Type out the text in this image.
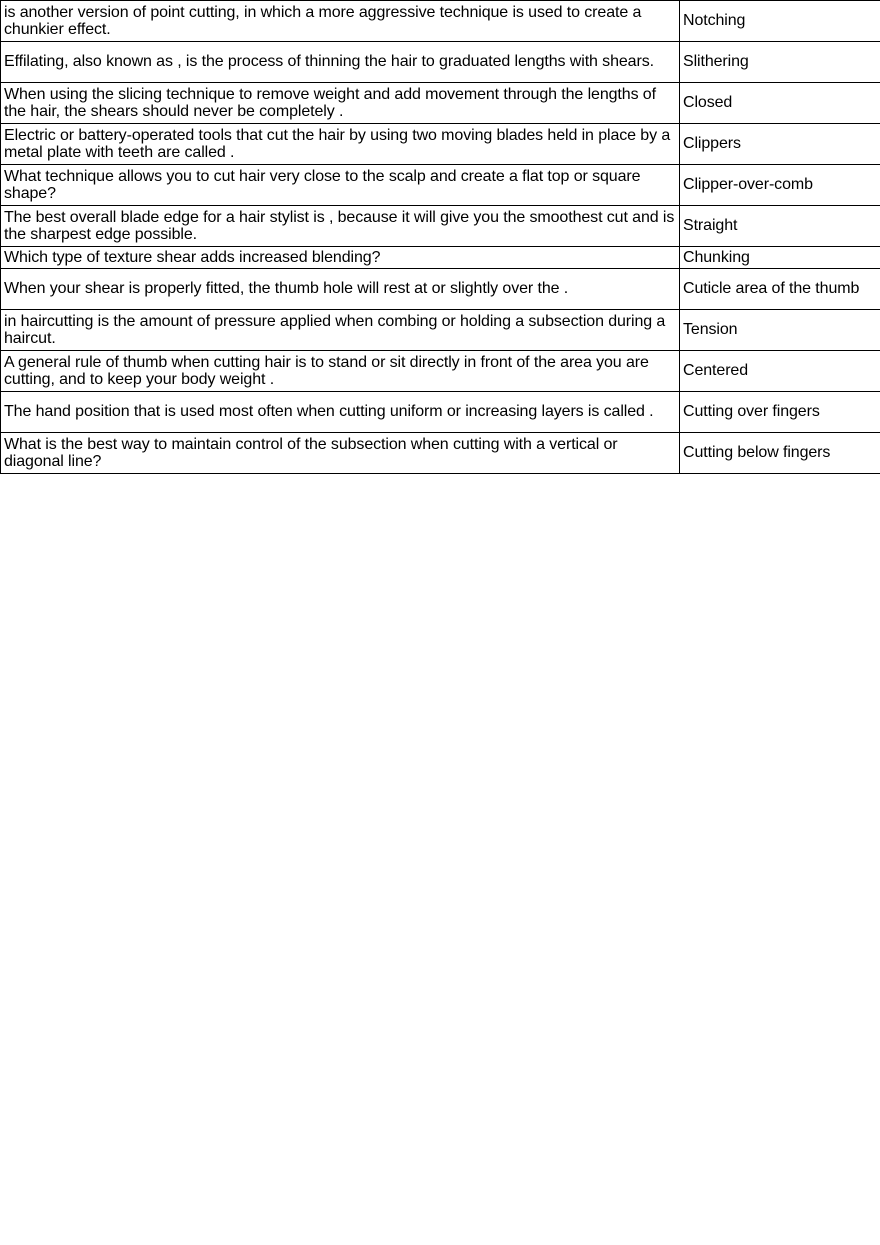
is another version of point cutting, in which a more aggressive technique is used to create a chunkier effect.	Notching
Effilating, also known as , is the process of thinning the hair to graduated lengths with shears.	Slithering
When using the slicing technique to remove weight and add movement through the lengths of the hair, the shears should never be completely .	Closed
Electric or battery-operated tools that cut the hair by using two moving blades held in place by a metal plate with teeth are called .	Clippers
What technique allows you to cut hair very close to the scalp and create a flat top or square shape?	Clipper-over-comb
The best overall blade edge for a hair stylist is , because it will give you the smoothest cut and is the sharpest edge possible.	Straight
Which type of texture shear adds increased blending?	Chunking
When your shear is properly fitted, the thumb hole will rest at or slightly over the .	Cuticle area of the thumb
in haircutting is the amount of pressure applied when combing or holding a subsection during a haircut.	Tension
A general rule of thumb when cutting hair is to stand or sit directly in front of the area you are cutting, and to keep your body weight .	Centered
The hand position that is used most often when cutting uniform or increasing layers is called .	Cutting over fingers
What is the best way to maintain control of the subsection when cutting with a vertical or diagonal line?	Cutting below fingers
